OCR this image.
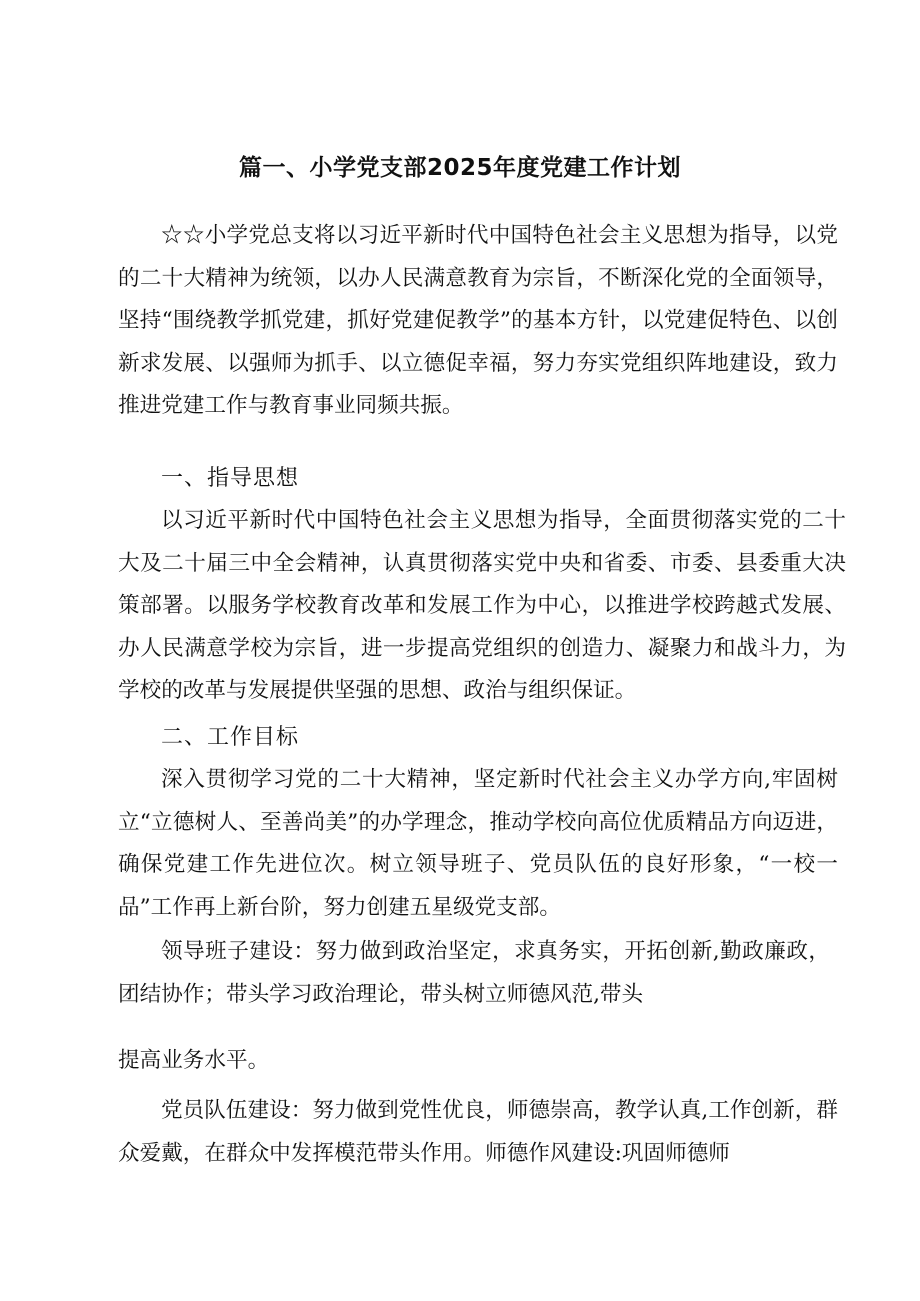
篇一、小学党支部2025年度党建工作计划
☆☆小学党总支将以习近平新时代中国特色社会主义思想为指导，以党的二十大精神为统领，以办人民满意教育为宗旨，不断深化党的全面领导，坚持“围绕教学抓党建，抓好党建促教学”的基本方针，以党建促特色、以创新求发展、以强师为抓手、以立德促幸福，努力夯实党组织阵地建设，致力推进党建工作与教育事业同频共振。
一、指导思想
以习近平新时代中国特色社会主义思想为指导，全面贯彻落实党的二十大及二十届三中全会精神，认真贯彻落实党中央和省委、市委、县委重大决策部署。以服务学校教育改革和发展工作为中心，以推进学校跨越式发展、办人民满意学校为宗旨，进一步提高党组织的创造力、凝聚力和战斗力，为学校的改革与发展提供坚强的思想、政治与组织保证。
二、工作目标
深入贯彻学习党的二十大精神，坚定新时代社会主义办学方向,牢固树立“立德树人、至善尚美”的办学理念，推动学校向高位优质精品方向迈进，确保党建工作先进位次。树立领导班子、党员队伍的良好形象，“一校一品”工作再上新台阶，努力创建五星级党支部。
领导班子建设：努力做到政治坚定，求真务实，开拓创新,勤政廉政，团结协作；带头学习政治理论，带头树立师德风范,带头
提高业务水平。
党员队伍建设：努力做到党性优良，师德崇高，教学认真,工作创新，群众爱戴，在群众中发挥模范带头作用。师德作风建设:巩固师德师
